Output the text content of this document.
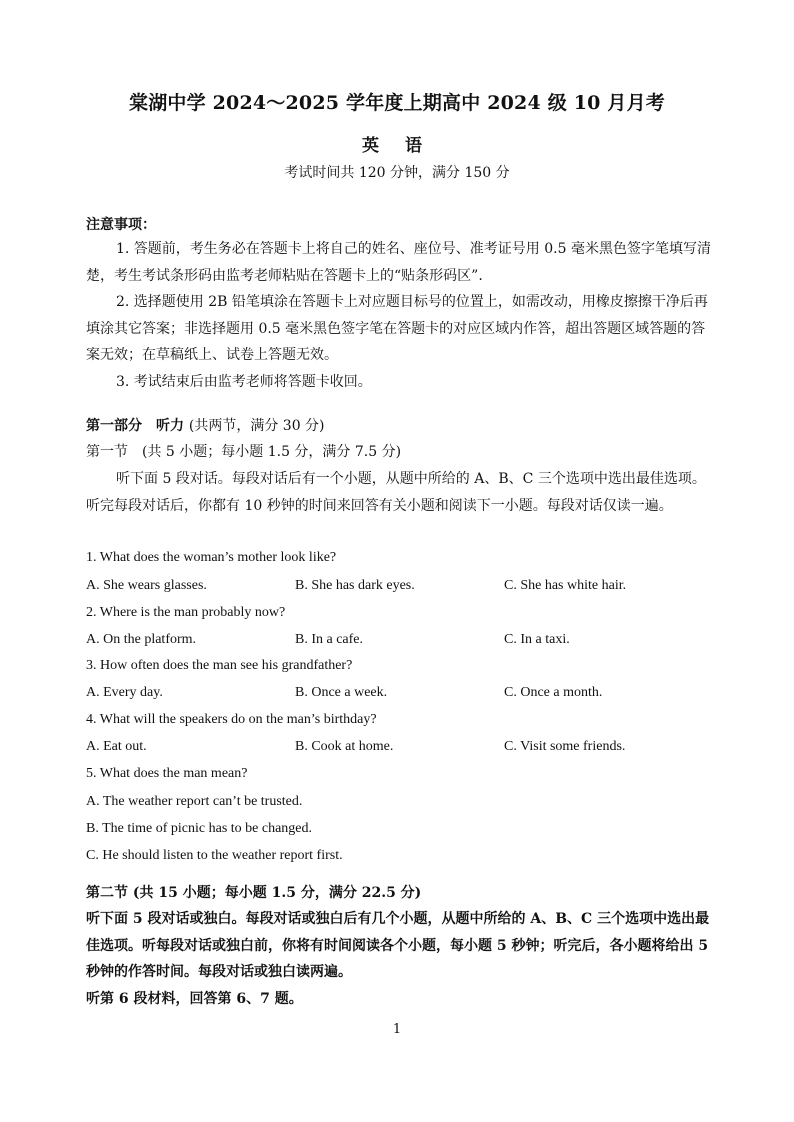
棠湖中学 2024～2025 学年度上期高中 2024 级 10 月月考
英 语
考试时间共 120 分钟，满分 150 分
注意事项：

1. 答题前，考生务必在答题卡上将自己的姓名、座位号、准考证号用 0.5 毫米黑色签字笔填写清楚，考生考试条形码由监考老师粘贴在答题卡上的“贴条形码区”.

2. 选择题使用 2B 铅笔填涂在答题卡上对应题目标号的位置上，如需改动，用橡皮擦擦干净后再填涂其它答案；非选择题用 0.5 毫米黑色签字笔在答题卡的对应区域内作答，超出答题区域答题的答案无效；在草稿纸上、试卷上答题无效。

3. 考试结束后由监考老师将答题卡收回。

第一部分　听力 (共两节，满分 30 分)
第一节　(共 5 小题；每小题 1.5 分，满分 7.5 分)

听下面 5 段对话。每段对话后有一个小题，从题中所给的 A、B、C 三个选项中选出最佳选项。听完每段对话后，你都有 10 秒钟的时间来回答有关小题和阅读下一小题。每段对话仅读一遍。

1. What does the woman’s mother look like?
A. She wears glasses.	B. She has dark eyes.	C. She has white hair.
2. Where is the man probably now?
A. On the platform.	B. In a cafe.	C. In a taxi.
3. How often does the man see his grandfather?
A. Every day.	B. Once a week.	C. Once a month.
4. What will the speakers do on the man’s birthday?
A. Eat out.	B. Cook at home.	C. Visit some friends.
5. What does the man mean?
A. The weather report can’t be trusted.
B. The time of picnic has to be changed.
C. He should listen to the weather report first.
第二节 (共 15 小题；每小题 1.5 分，满分 22.5 分)

听下面 5 段对话或独白。每段对话或独白后有几个小题，从题中所给的 A、B、C 三个选项中选出最佳选项。听每段对话或独白前，你将有时间阅读各个小题，每小题 5 秒钟；听完后，各小题将给出 5 秒钟的作答时间。每段对话或独白读两遍。

听第 6 段材料，回答第 6、7 题。

1
